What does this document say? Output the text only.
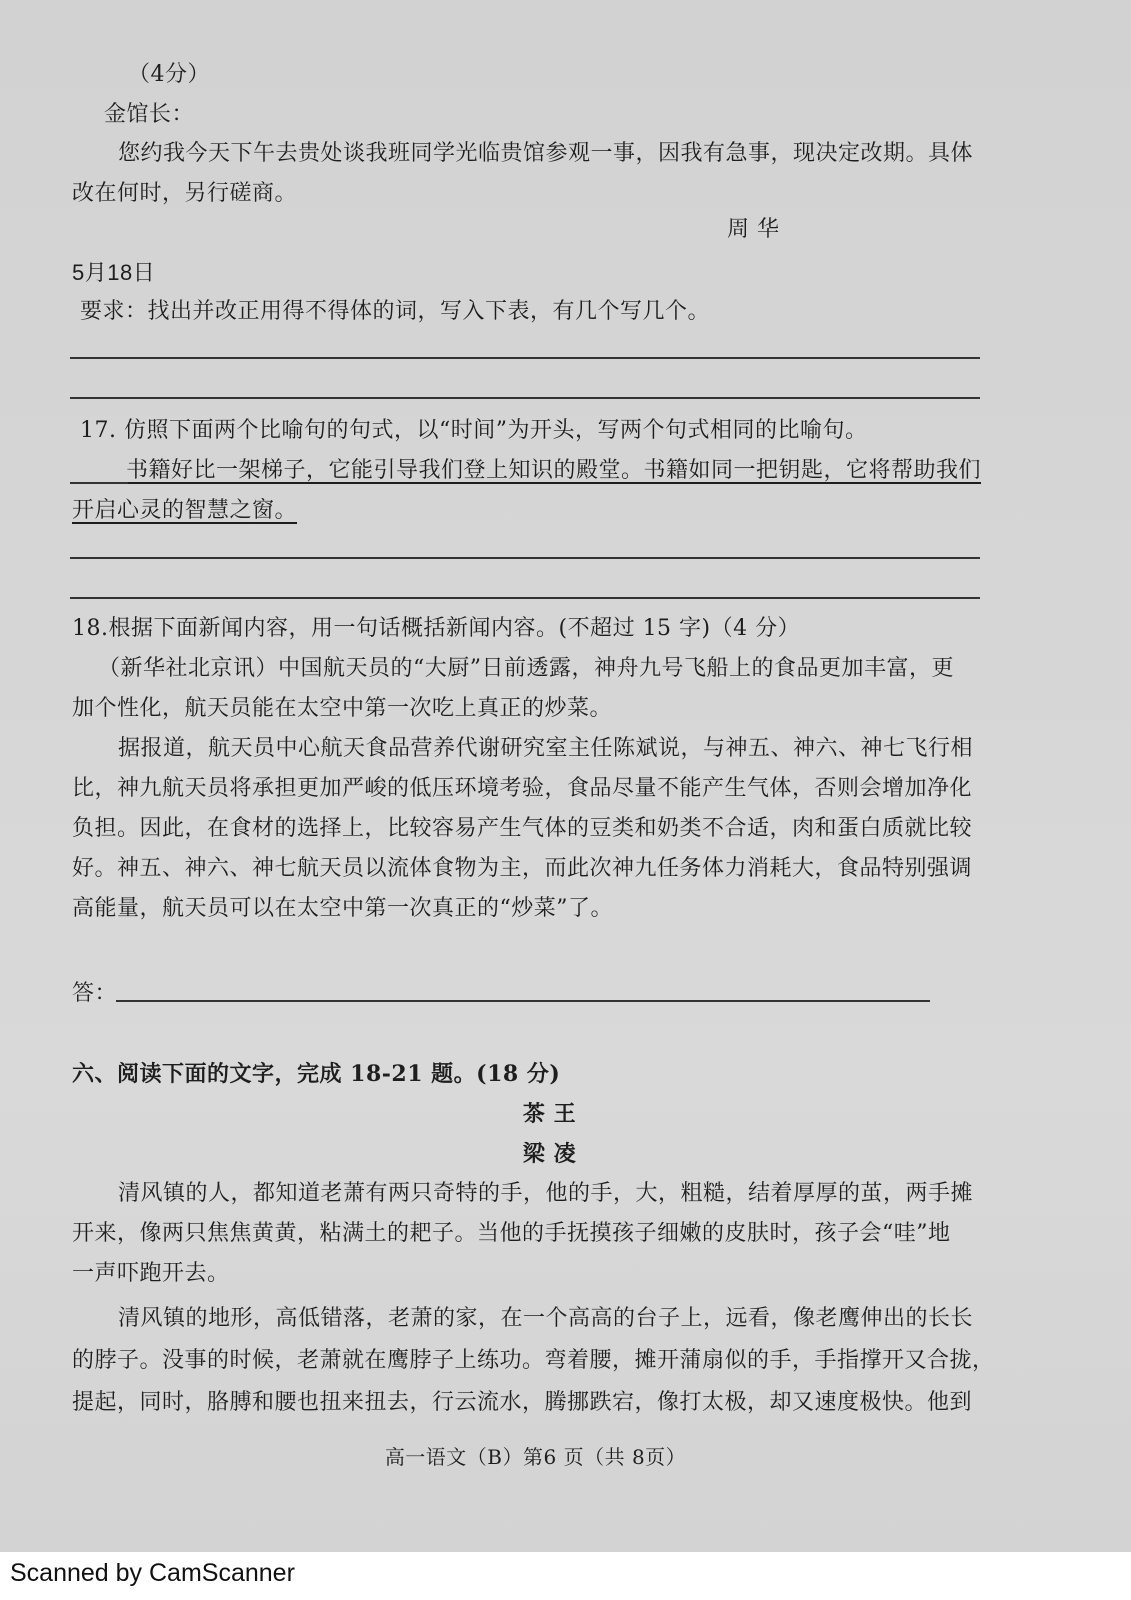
（4分）
金馆长：
您约我今天下午去贵处谈我班同学光临贵馆参观一事，因我有急事，现决定改期。具体
改在何时，另行磋商。
周 华
5月18日
要求：找出并改正用得不得体的词，写入下表，有几个写几个。
17. 仿照下面两个比喻句的句式，以“时间”为开头，写两个句式相同的比喻句。
书籍好比一架梯子，它能引导我们登上知识的殿堂。书籍如同一把钥匙，它将帮助我们
开启心灵的智慧之窗。
18.根据下面新闻内容，用一句话概括新闻内容。(不超过 15 字)（4 分）
（新华社北京讯）中国航天员的“大厨”日前透露，神舟九号飞船上的食品更加丰富，更
加个性化，航天员能在太空中第一次吃上真正的炒菜。
据报道，航天员中心航天食品营养代谢研究室主任陈斌说，与神五、神六、神七飞行相
比，神九航天员将承担更加严峻的低压环境考验，食品尽量不能产生气体，否则会增加净化
负担。因此，在食材的选择上，比较容易产生气体的豆类和奶类不合适，肉和蛋白质就比较
好。神五、神六、神七航天员以流体食物为主，而此次神九任务体力消耗大，食品特别强调
高能量，航天员可以在太空中第一次真正的“炒菜”了。
答：
六、阅读下面的文字，完成 18-21 题。(18 分)
茶 王
梁 凌
清风镇的人，都知道老萧有两只奇特的手，他的手，大，粗糙，结着厚厚的茧，两手摊
开来，像两只焦焦黄黄，粘满土的耙子。当他的手抚摸孩子细嫩的皮肤时，孩子会“哇”地
一声吓跑开去。
清风镇的地形，高低错落，老萧的家，在一个高高的台子上，远看，像老鹰伸出的长长
的脖子。没事的时候，老萧就在鹰脖子上练功。弯着腰，摊开蒲扇似的手，手指撑开又合拢，
提起，同时，胳膊和腰也扭来扭去，行云流水，腾挪跌宕，像打太极，却又速度极快。他到
高一语文（B）第6 页（共 8页）
Scanned by CamScanner
